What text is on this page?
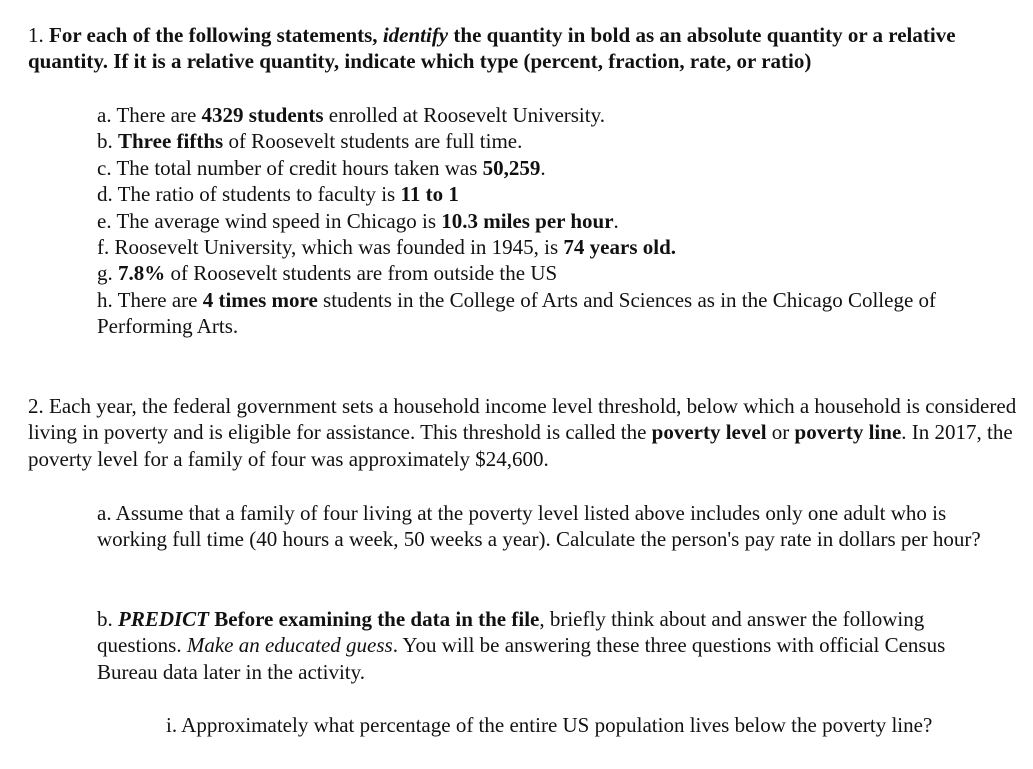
1. For each of the following statements, identify the quantity in bold as an absolute quantity or a relative quantity. If it is a relative quantity, indicate which type (percent, fraction, rate, or ratio)

a. There are 4329 students enrolled at Roosevelt University.

b. Three fifths of Roosevelt students are full time.

c. The total number of credit hours taken was 50,259.

d. The ratio of students to faculty is 11 to 1

e. The average wind speed in Chicago is 10.3 miles per hour.

f. Roosevelt University, which was founded in 1945, is 74 years old.

g. 7.8% of Roosevelt students are from outside the US

h. There are 4 times more students in the College of Arts and Sciences as in the Chicago College of Performing Arts.

2. Each year, the federal government sets a household income level threshold, below which a household is considered living in poverty and is eligible for assistance. This threshold is called the poverty level or poverty line. In 2017, the poverty level for a family of four was approximately $24,600.

a. Assume that a family of four living at the poverty level listed above includes only one adult who is working full time (40 hours a week, 50 weeks a year). Calculate the person's pay rate in dollars per hour?

b. PREDICT Before examining the data in the file, briefly think about and answer the following questions. Make an educated guess. You will be answering these three questions with official Census Bureau data later in the activity.

i. Approximately what percentage of the entire US population lives below the poverty line?
